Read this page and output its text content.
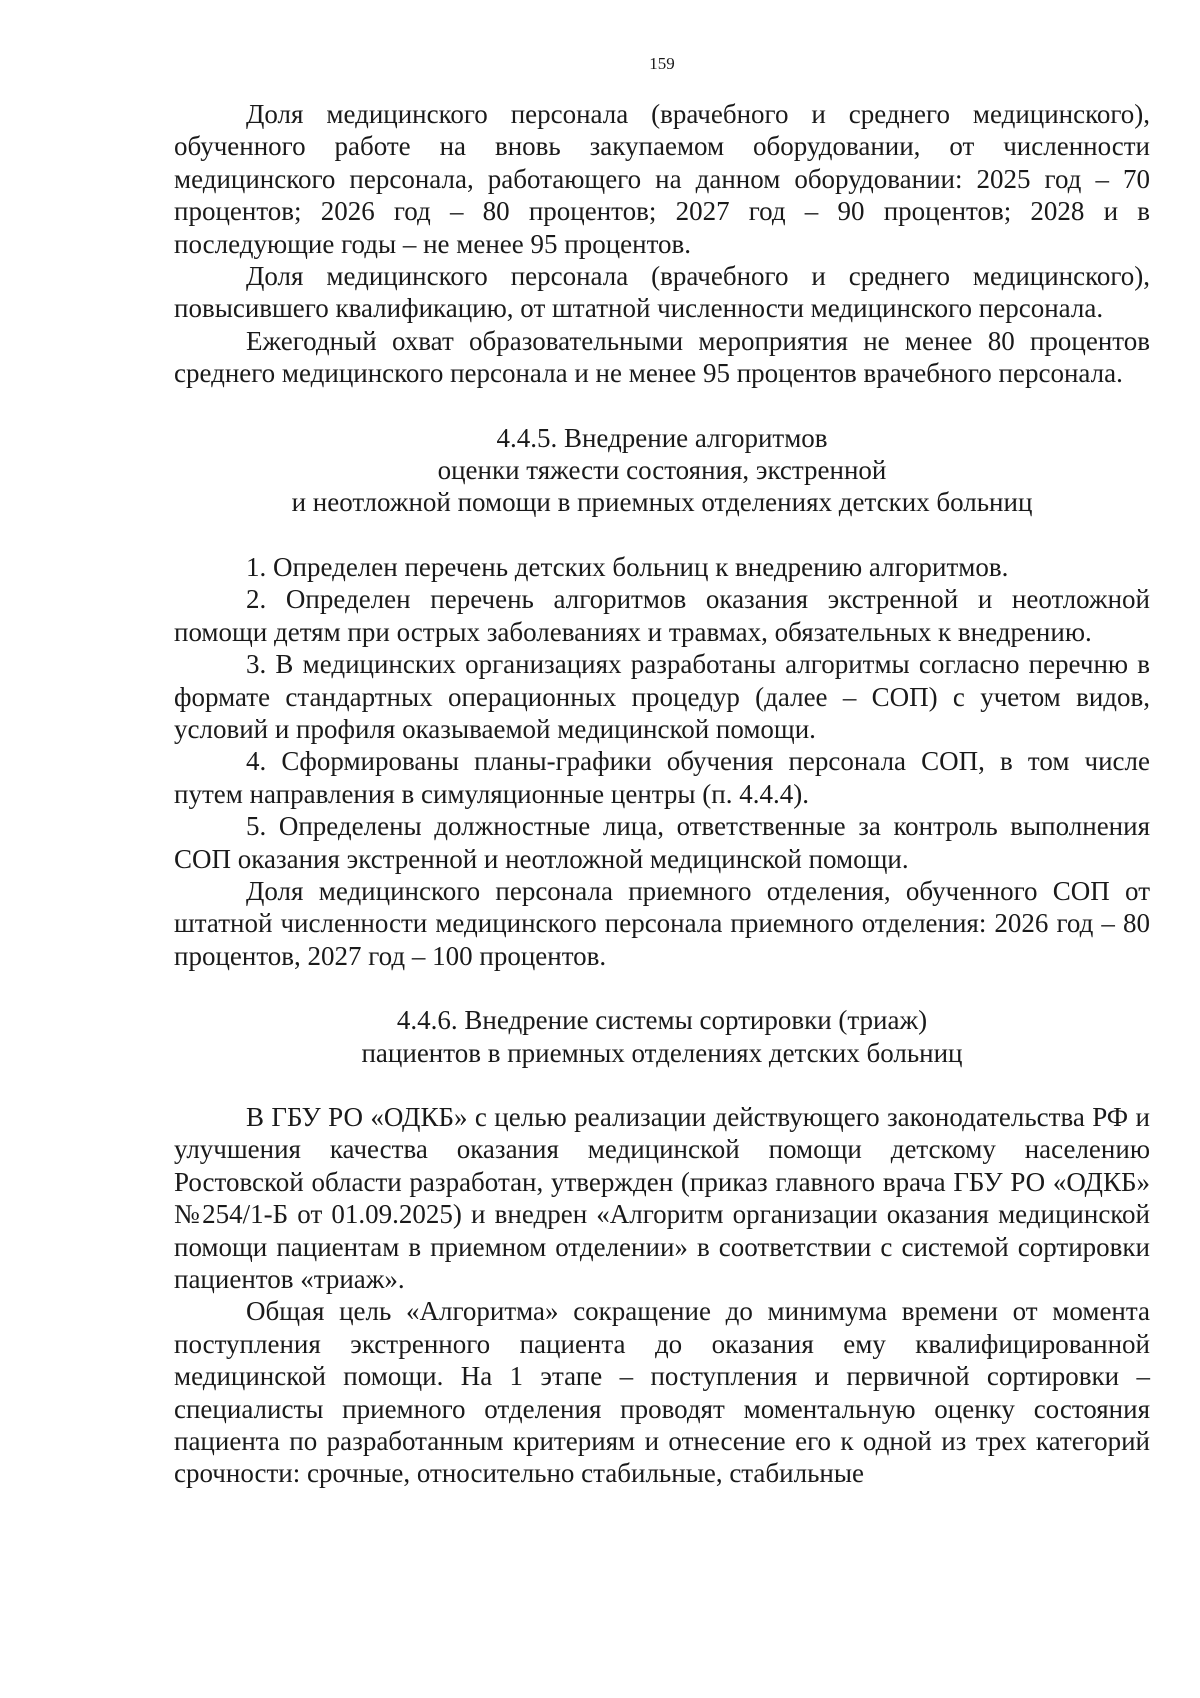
159

Доля медицинского персонала (врачебного и среднего медицинского), обученного работе на вновь закупаемом оборудовании, от численности медицинского персонала, работающего на данном оборудовании: 2025 год – 70 процентов; 2026 год – 80 процентов; 2027 год – 90 процентов; 2028 и в последующие годы – не менее 95 процентов.

Доля медицинского персонала (врачебного и среднего медицинского), повысившего квалификацию, от штатной численности медицинского персонала.

Ежегодный охват образовательными мероприятия не менее 80 процентов среднего медицинского персонала и не менее 95 процентов врачебного персонала.

4.4.5. Внедрение алгоритмов
оценки тяжести состояния, экстренной
и неотложной помощи в приемных отделениях детских больниц

1. Определен перечень детских больниц к внедрению алгоритмов.

2. Определен перечень алгоритмов оказания экстренной и неотложной помощи детям при острых заболеваниях и травмах, обязательных к внедрению.

3. В медицинских организациях разработаны алгоритмы согласно перечню в формате стандартных операционных процедур (далее – СОП) с учетом видов, условий и профиля оказываемой медицинской помощи.

4. Сформированы планы-графики обучения персонала СОП, в том числе путем направления в симуляционные центры (п. 4.4.4).

5. Определены должностные лица, ответственные за контроль выполнения СОП оказания экстренной и неотложной медицинской помощи.

Доля медицинского персонала приемного отделения, обученного СОП от штатной численности медицинского персонала приемного отделения: 2026 год – 80 процентов, 2027 год – 100 процентов.

4.4.6. Внедрение системы сортировки (триаж)
пациентов в приемных отделениях детских больниц

В ГБУ РО «ОДКБ» с целью реализации действующего законодательства РФ и улучшения качества оказания медицинской помощи детскому населению Ростовской области разработан, утвержден (приказ главного врача ГБУ РО «ОДКБ» №254/1-Б от 01.09.2025) и внедрен «Алгоритм организации оказания медицинской помощи пациентам в приемном отделении» в соответствии с системой сортировки пациентов «триаж».

Общая цель «Алгоритма» сокращение до минимума времени от момента поступления экстренного пациента до оказания ему квалифицированной медицинской помощи. На 1 этапе – поступления и первичной сортировки – специалисты приемного отделения проводят моментальную оценку состояния пациента по разработанным критериям и отнесение его к одной из трех категорий срочности: срочные, относительно стабильные, стабильные
